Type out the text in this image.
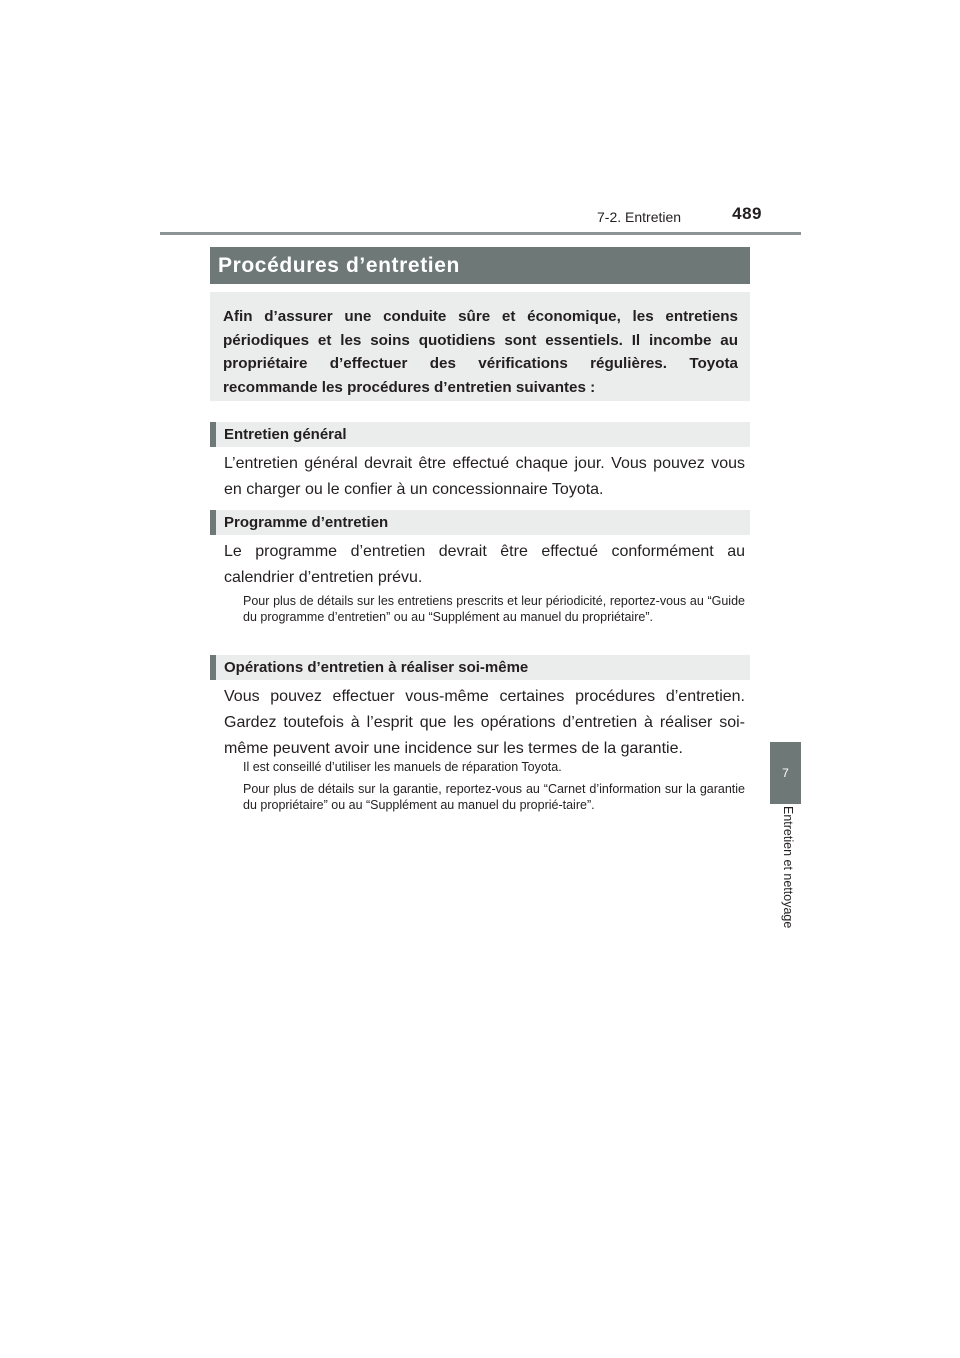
7-2. Entretien	489
7
Entretien et nettoyage
Procédures d’entretien

Afin d’assurer une conduite sûre et économique, les entretiens périodiques et les soins quotidiens sont essentiels. Il incombe au propriétaire d’effectuer des vérifications régulières. Toyota recommande les procédures d’entretien suivantes :

Entretien général

L’entretien général devrait être effectué chaque jour. Vous pouvez vous en charger ou le confier à un concessionnaire Toyota.

Programme d’entretien

Le programme d’entretien devrait être effectué conformément au calendrier d’entretien prévu.

Pour plus de détails sur les entretiens prescrits et leur périodicité, reportez-vous au “Guide du programme d’entretien” ou au “Supplément au manuel du propriétaire”.

Opérations d’entretien à réaliser soi-même

Vous pouvez effectuer vous-même certaines procédures d’entretien. Gardez toutefois à l’esprit que les opérations d’entretien à réaliser soi-même peuvent avoir une incidence sur les termes de la garantie.

Il est conseillé d’utiliser les manuels de réparation Toyota.

Pour plus de détails sur la garantie, reportez-vous au “Carnet d’information sur la garantie du propriétaire” ou au “Supplément au manuel du proprié-taire”.
